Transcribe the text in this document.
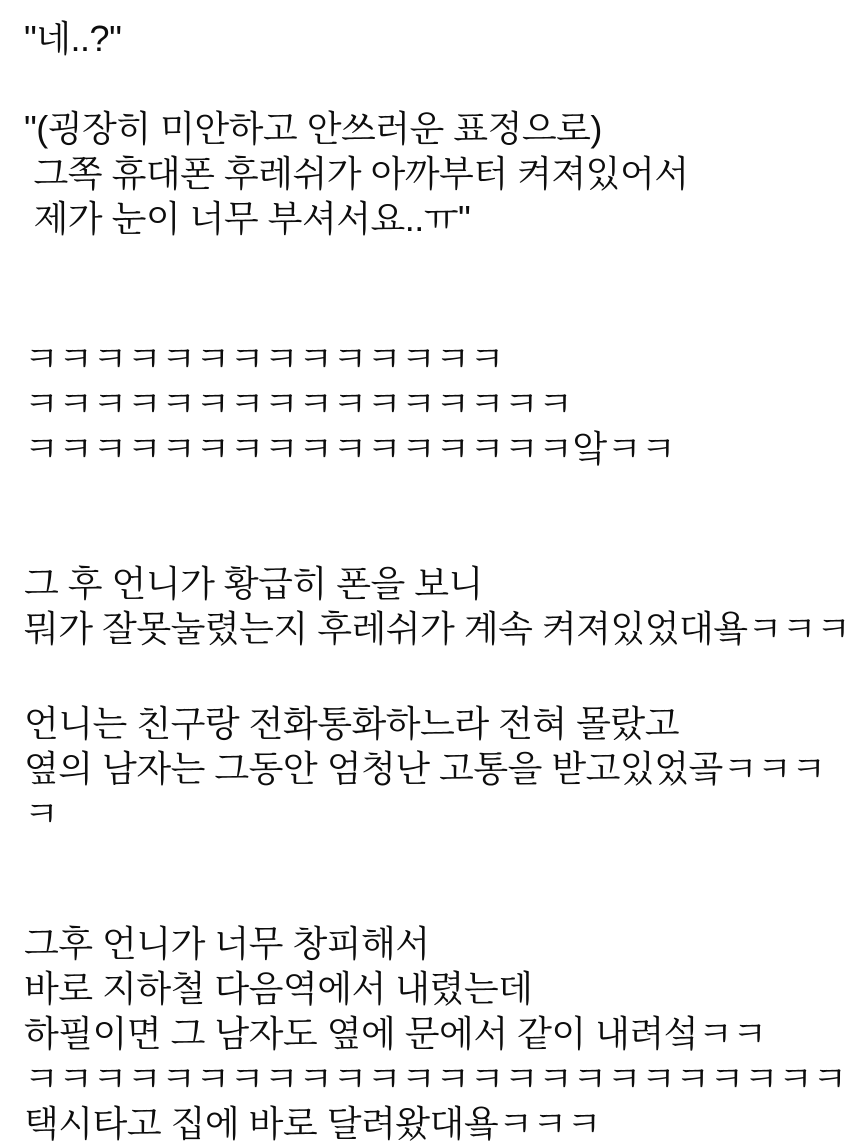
"네..?"

"(굉장히 미안하고 안쓰러운 표정으로)
그쪽 휴대폰 후레쉬가 아까부터 켜져있어서
제가 눈이 너무 부셔서요..ㅠ"

ㅋㅋㅋㅋㅋㅋㅋㅋㅋㅋㅋㅋㅋㅋ
ㅋㅋㅋㅋㅋㅋㅋㅋㅋㅋㅋㅋㅋㅋㅋㅋ
ㅋㅋㅋㅋㅋㅋㅋㅋㅋㅋㅋㅋㅋㅋㅋㅋ앜ㅋㅋ

그 후 언니가 황급히 폰을 보니
뭐가 잘못눌렸는지 후레쉬가 계속 켜져있었대욬ㅋㅋㅋ

언니는 친구랑 전화통화하느라 전혀 몰랐고
옆의 남자는 그동안 엄청난 고통을 받고있었곸ㅋㅋㅋㅋ

그후 언니가 너무 창피해서
바로 지하철 다음역에서 내렸는데
하필이면 그 남자도 옆에 문에서 같이 내려섴ㅋㅋ
ㅋㅋㅋㅋㅋㅋㅋㅋㅋㅋㅋㅋㅋㅋㅋㅋㅋㅋㅋㅋㅋㅋㅋㅋ
택시타고 집에 바로 달려왔대욬ㅋㅋㅋ
